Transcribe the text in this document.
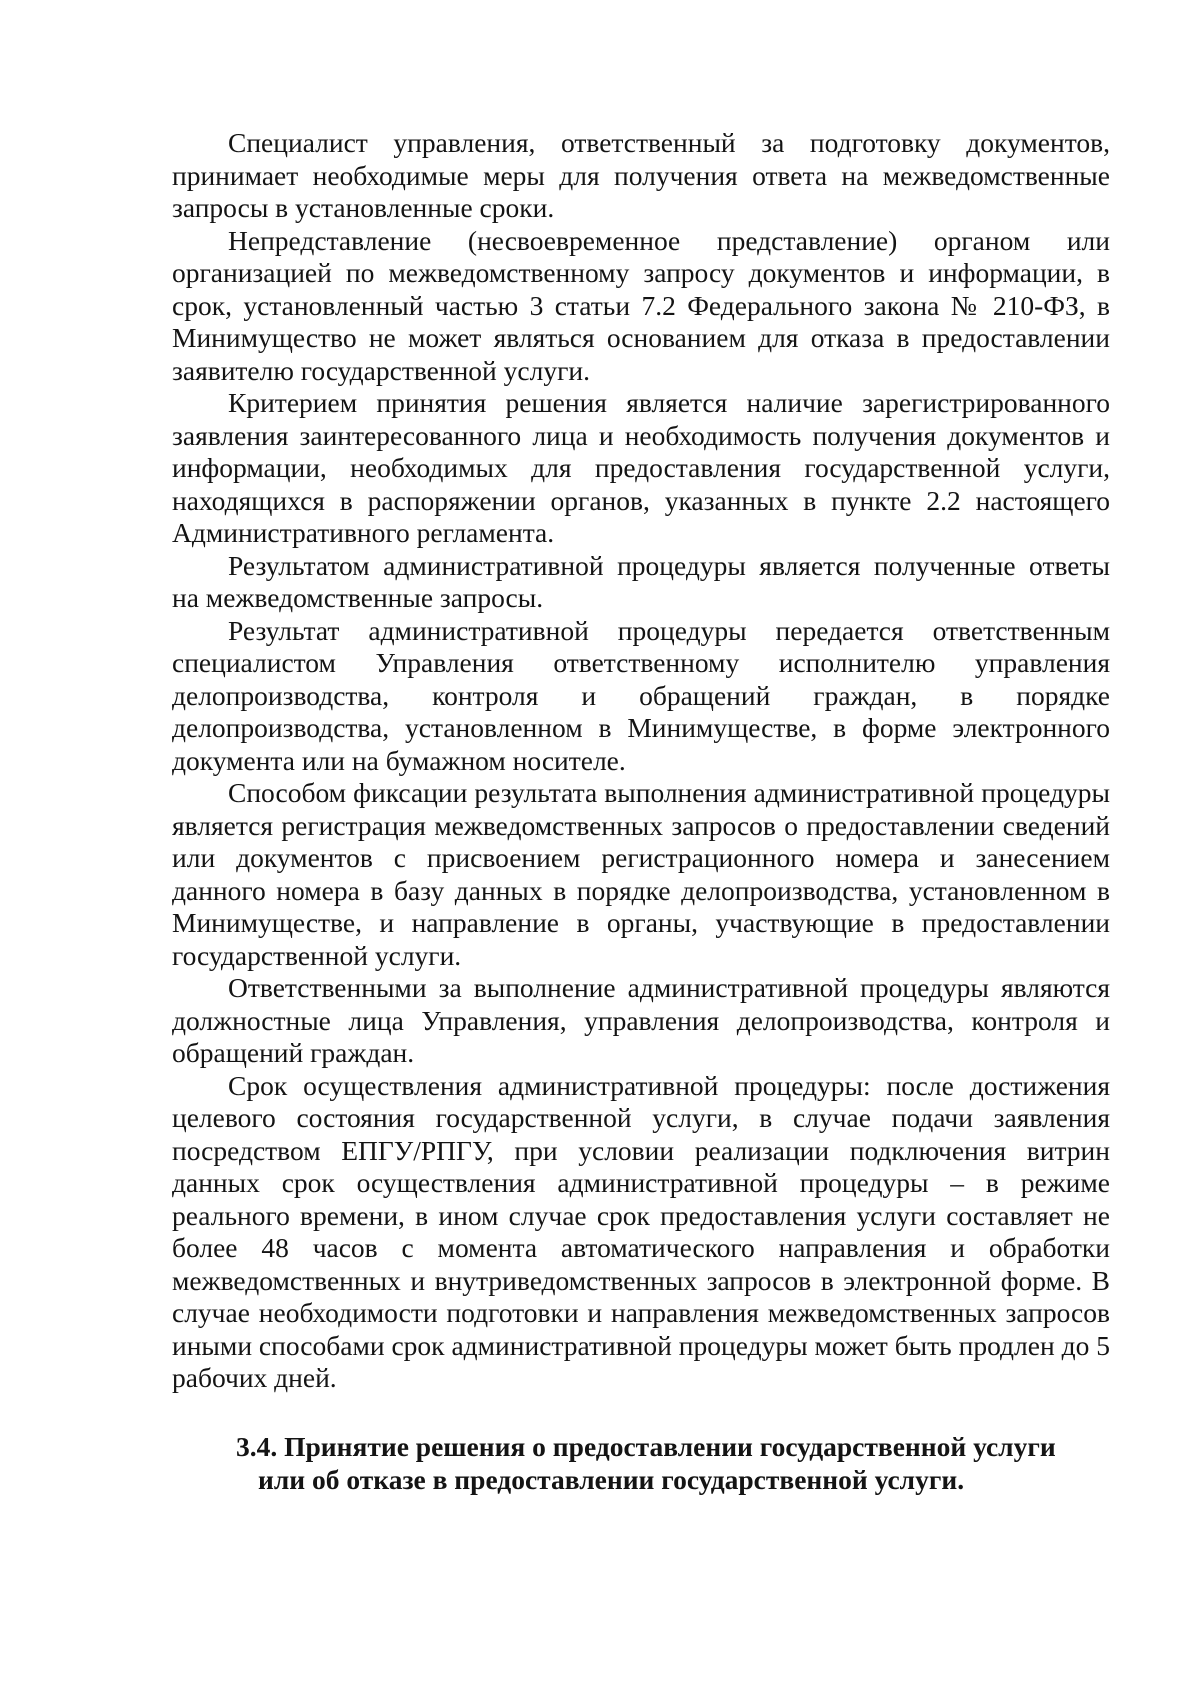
Специалист управления, ответственный за подготовку документов, принимает необходимые меры для получения ответа на межведомственные запросы в установленные сроки.

Непредставление (несвоевременное представление) органом или организацией по межведомственному запросу документов и информации, в срок, установленный частью 3 статьи 7.2 Федерального закона № 210-ФЗ, в Минимущество не может являться основанием для отказа в предоставлении заявителю государственной услуги.

Критерием принятия решения является наличие зарегистрированного заявления заинтересованного лица и необходимость получения документов и информации, необходимых для предоставления государственной услуги, находящихся в распоряжении органов, указанных в пункте 2.2 настоящего Административного регламента.

Результатом административной процедуры является полученные ответы на межведомственные запросы.

Результат административной процедуры передается ответственным специалистом Управления ответственному исполнителю управления делопроизводства, контроля и обращений граждан, в порядке делопроизводства, установленном в Минимуществе, в форме электронного документа или на бумажном носителе.

Способом фиксации результата выполнения административной процедуры является регистрация межведомственных запросов о предоставлении сведений или документов с присвоением регистрационного номера и занесением данного номера в базу данных в порядке делопроизводства, установленном в Минимуществе, и направление в органы, участвующие в предоставлении государственной услуги.

Ответственными за выполнение административной процедуры являются должностные лица Управления, управления делопроизводства, контроля и обращений граждан.

Срок осуществления административной процедуры: после достижения целевого состояния государственной услуги, в случае подачи заявления посредством ЕПГУ/РПГУ, при условии реализации подключения витрин данных срок осуществления административной процедуры – в режиме реального времени, в ином случае срок предоставления услуги составляет не более 48 часов с момента автоматического направления и обработки межведомственных и внутриведомственных запросов в электронной форме. В случае необходимости подготовки и направления межведомственных запросов иными способами срок административной процедуры может быть продлен до 5 рабочих дней.

3.4. Принятие решения о предоставлении государственной услуги
или об отказе в предоставлении государственной услуги.
